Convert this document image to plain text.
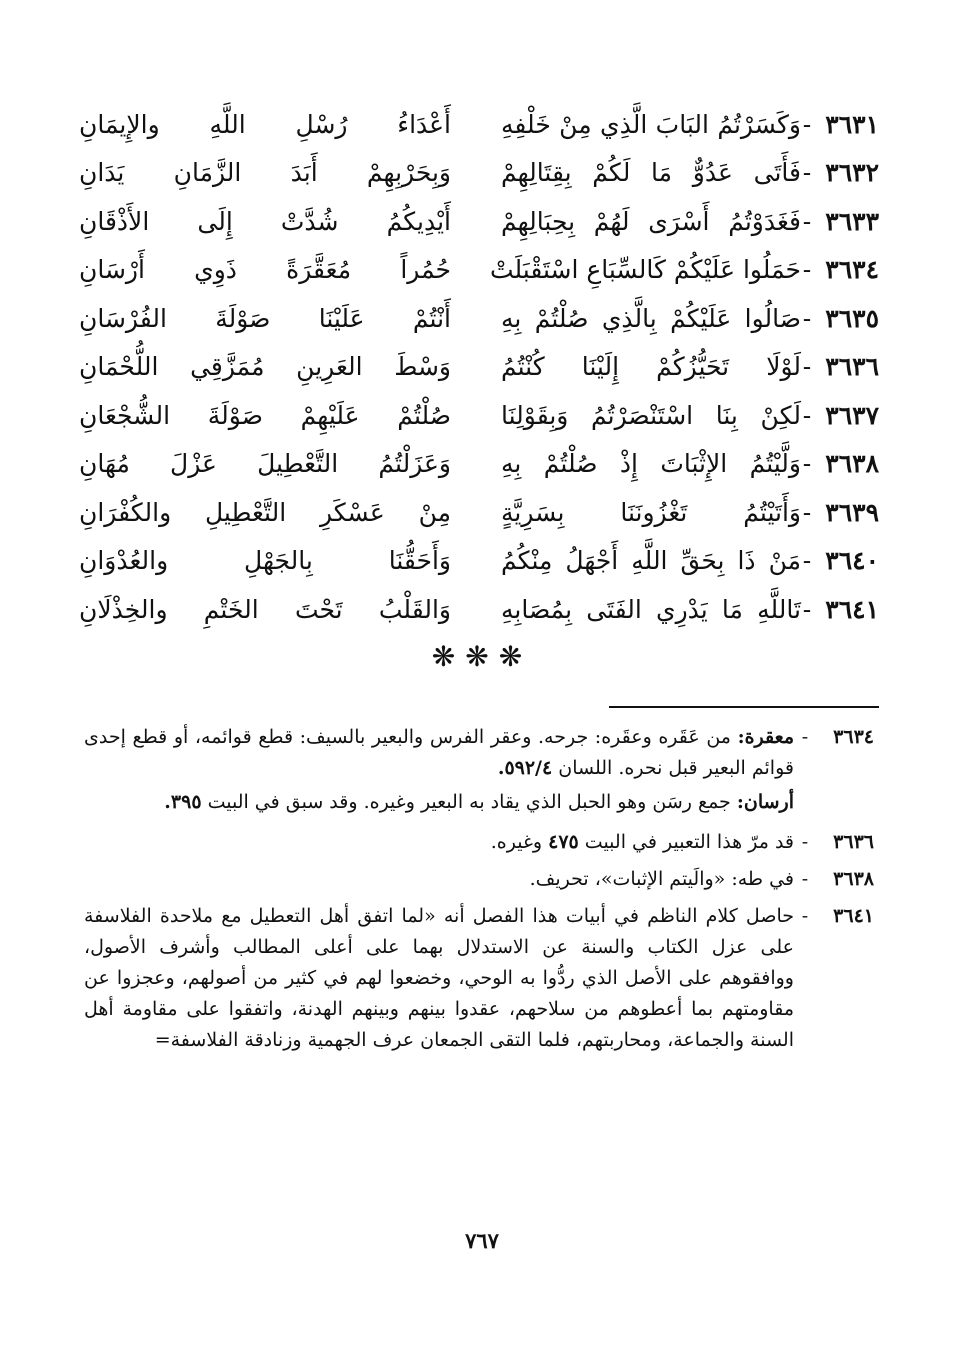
٣٦٣١
-
وَكَسَرْتُمُ البَابَ الَّذِي مِنْ خَلْفِهِ
أَعْدَاءُ رُسْلِ اللَّهِ والإِيمَانِ
٣٦٣٢
-
فَأَتَى عَدُوٌّ مَا لَكُمْ بِقِتَالِهِمْ
وَبِحَرْبِهِمْ أَبَدَ الزَّمَانِ يَدَانِ
٣٦٣٣
-
فَغَدَوْتُمُ أَسْرَى لَهُمْ بِحِبَالِهِمْ
أَيْدِيكُمُ شُدَّتْ إِلَى الأَذْقَانِ
٣٦٣٤
-
حَمَلُوا عَلَيْكُمْ كَالسِّبَاعِ اسْتَقْبَلَتْ
حُمُراً مُعَقَّرَةً ذَوِي أَرْسَانِ
٣٦٣٥
-
صَالُوا عَلَيْكُمْ بِالَّذِي صُلْتُمْ بِهِ
أَنْتُمْ عَلَيْنَا صَوْلَةَ الفُرْسَانِ
٣٦٣٦
-
لَوْلَا تَحَيُّزُكُمْ إِلَيْنَا كُنْتُمُ
وَسْطَ العَرِينِ مُمَزَّقِي اللُّحْمَانِ
٣٦٣٧
-
لَكِنْ بِنَا اسْتَنْصَرْتُمُ وَبِقَوْلِنَا
صُلْتُمْ عَلَيْهِمْ صَوْلَةَ الشُّجْعَانِ
٣٦٣٨
-
وَلَّيْتُمُ الإِثْبَاتَ إِذْ صُلْتُمْ بِهِ
وَعَزَلْتُمُ التَّعْطِيلَ عَزْلَ مُهَانِ
٣٦٣٩
-
وَأَتَيْتُمُ تَغْزُونَنَا بِسَرِيَّةٍ
مِنْ عَسْكَرِ التَّعْطِيلِ والكُفْرَانِ
٣٦٤٠
-
مَنْ ذَا بِحَقِّ اللَّهِ أَجْهَلُ مِنْكُمُ
وَأَحَقُّنَا بِالجَهْلِ والعُدْوَانِ
٣٦٤١
-
تَاللَّهِ مَا يَدْرِي الفَتَى بِمُصَابِهِ
وَالقَلْبُ تَحْتَ الخَتْمِ والخِذْلَانِ
❋❋❋
٣٦٣٤
-

معقرة: من عَقَره وعقَره: جرحه. وعقر الفرس والبعير بالسيف: قطع قوائمه، أو قطع إحدى قوائم البعير قبل نحره. اللسان ٥٩٢/٤.

أرسان: جمع رسَن وهو الحبل الذي يقاد به البعير وغيره. وقد سبق في البيت ٣٩٥.

٣٦٣٦
-
قد مرّ هذا التعبير في البيت ٤٧٥ وغيره.
٣٦٣٨
-
في طه: «والَيتم الإثبات»، تحريف.
٣٦٤١
-
حاصل كلام الناظم في أبيات هذا الفصل أنه «لما اتفق أهل التعطيل مع ملاحدة الفلاسفة على عزل الكتاب والسنة عن الاستدلال بهما على أعلى المطالب وأشرف الأصول، ووافقوهم على الأصل الذي ردُّوا به الوحي، وخضعوا لهم في كثير من أصولهم، وعجزوا عن مقاومتهم بما أعطوهم من سلاحهم، عقدوا بينهم وبينهم الهدنة، واتفقوا على مقاومة أهل السنة والجماعة، ومحاربتهم، فلما التقى الجمعان عرف الجهمية وزنادقة الفلاسفة=
٧٦٧
